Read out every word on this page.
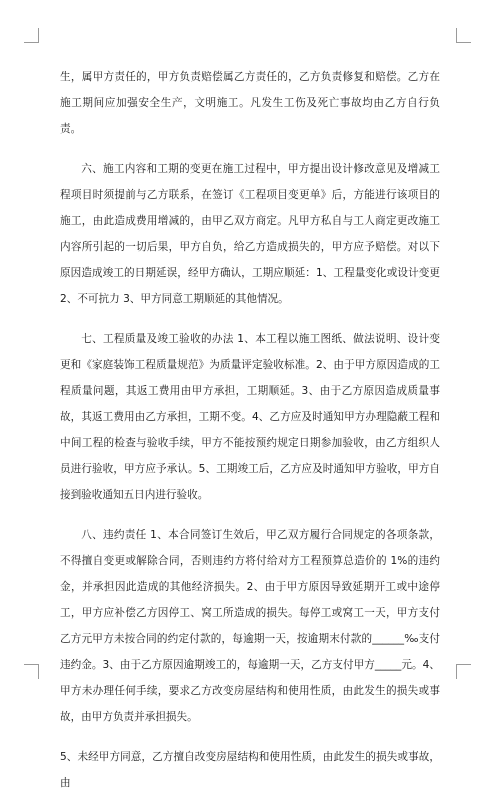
生，属甲方责任的，甲方负责赔偿属乙方责任的，乙方负责修复和赔偿。乙方在施工期间应加强安全生产，文明施工。凡发生工伤及死亡事故均由乙方自行负责。

六、施工内容和工期的变更在施工过程中，甲方提出设计修改意见及增减工程项目时须提前与乙方联系，在签订《工程项目变更单》后，方能进行该项目的施工，由此造成费用增减的，由甲乙双方商定。凡甲方私自与工人商定更改施工内容所引起的一切后果，甲方自负，给乙方造成损失的，甲方应予赔偿。对以下原因造成竣工的日期延误，经甲方确认，工期应顺延：1、工程量变化或设计变更 2、不可抗力 3、甲方同意工期顺延的其他情况。

七、工程质量及竣工验收的办法 1、本工程以施工图纸、做法说明、设计变更和《家庭装饰工程质量规范》为质量评定验收标准。2、由于甲方原因造成的工程质量问题，其返工费用由甲方承担，工期顺延。3、由于乙方原因造成质量事故，其返工费用由乙方承担，工期不变。4、乙方应及时通知甲方办理隐蔽工程和中间工程的检查与验收手续，甲方不能按预约规定日期参加验收，由乙方组织人员进行验收，甲方应予承认。5、工期竣工后，乙方应及时通知甲方验收，甲方自接到验收通知五日内进行验收。

八、违约责任 1、本合同签订生效后，甲乙双方履行合同规定的各项条款，不得擅自变更或解除合同，否则违约方将付给对方工程预算总造价的 1%的违约金，并承担因此造成的其他经济损失。2、由于甲方原因导致延期开工或中途停工，甲方应补偿乙方因停工、窝工所造成的损失。每停工或窝工一天，甲方支付乙方元甲方未按合同的约定付款的，每逾期一天，按逾期末付款的______‰支付违约金。3、由于乙方原因逾期竣工的，每逾期一天，乙方支付甲方_____元。4、甲方未办理任何手续，要求乙方改变房屋结构和使用性质，由此发生的损失或事故，由甲方负责并承担损失。

5、未经甲方同意，乙方擅自改变房屋结构和使用性质，由此发生的损失或事故，由
